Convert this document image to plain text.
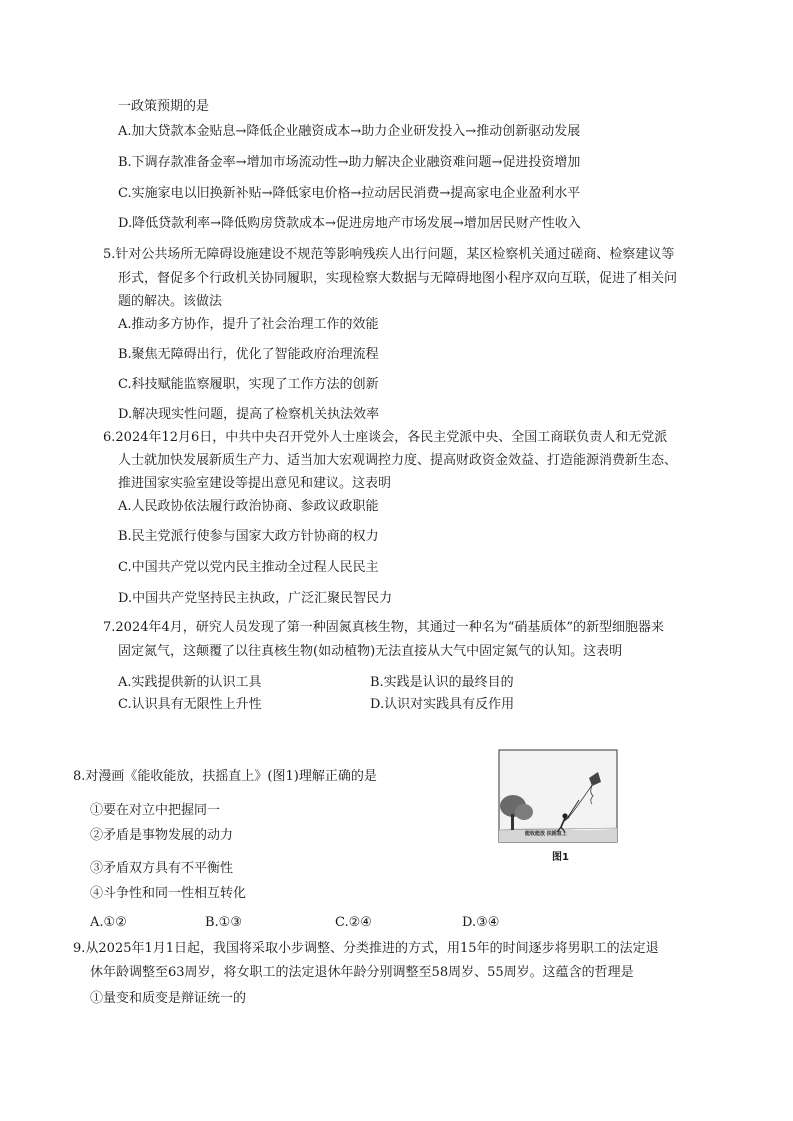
一政策预期的是
A.加大贷款本金贴息→降低企业融资成本→助力企业研发投入→推动创新驱动发展
B.下调存款准备金率→增加市场流动性→助力解决企业融资难问题→促进投资增加
C.实施家电以旧换新补贴→降低家电价格→拉动居民消费→提高家电企业盈利水平
D.降低贷款利率→降低购房贷款成本→促进房地产市场发展→增加居民财产性收入
5.针对公共场所无障碍设施建设不规范等影响残疾人出行问题，某区检察机关通过磋商、检察建议等
形式，督促多个行政机关协同履职，实现检察大数据与无障碍地图小程序双向互联，促进了相关问
题的解决。该做法
A.推动多方协作，提升了社会治理工作的效能
B.聚焦无障碍出行，优化了智能政府治理流程
C.科技赋能监察履职，实现了工作方法的创新
D.解决现实性问题，提高了检察机关执法效率
6.2024年12月6日，中共中央召开党外人士座谈会，各民主党派中央、全国工商联负责人和无党派
人士就加快发展新质生产力、适当加大宏观调控力度、提高财政资金效益、打造能源消费新生态、
推进国家实验室建设等提出意见和建议。这表明
A.人民政协依法履行政治协商、参政议政职能
B.民主党派行使参与国家大政方针协商的权力
C.中国共产党以党内民主推动全过程人民民主
D.中国共产党坚持民主执政，广泛汇聚民智民力
7.2024年4月，研究人员发现了第一种固氮真核生物，其通过一种名为“硝基质体”的新型细胞器来
固定氮气，这颠覆了以往真核生物(如动植物)无法直接从大气中固定氮气的认知。这表明
A.实践提供新的认识工具	B.实践是认识的最终目的
C.认识具有无限性上升性	D.认识对实践具有反作用
8.对漫画《能收能放，扶摇直上》(图1)理解正确的是
①要在对立中把握同一
②矛盾是事物发展的动力
③矛盾双方具有不平衡性
④斗争性和同一性相互转化
A.①②	B.①③	C.②④	D.③④
能收能放 扶摇直上
图1
9.从2025年1月1日起，我国将采取小步调整、分类推进的方式，用15年的时间逐步将男职工的法定退
休年龄调整至63周岁，将女职工的法定退休年龄分别调整至58周岁、55周岁。这蕴含的哲理是
①量变和质变是辩证统一的
